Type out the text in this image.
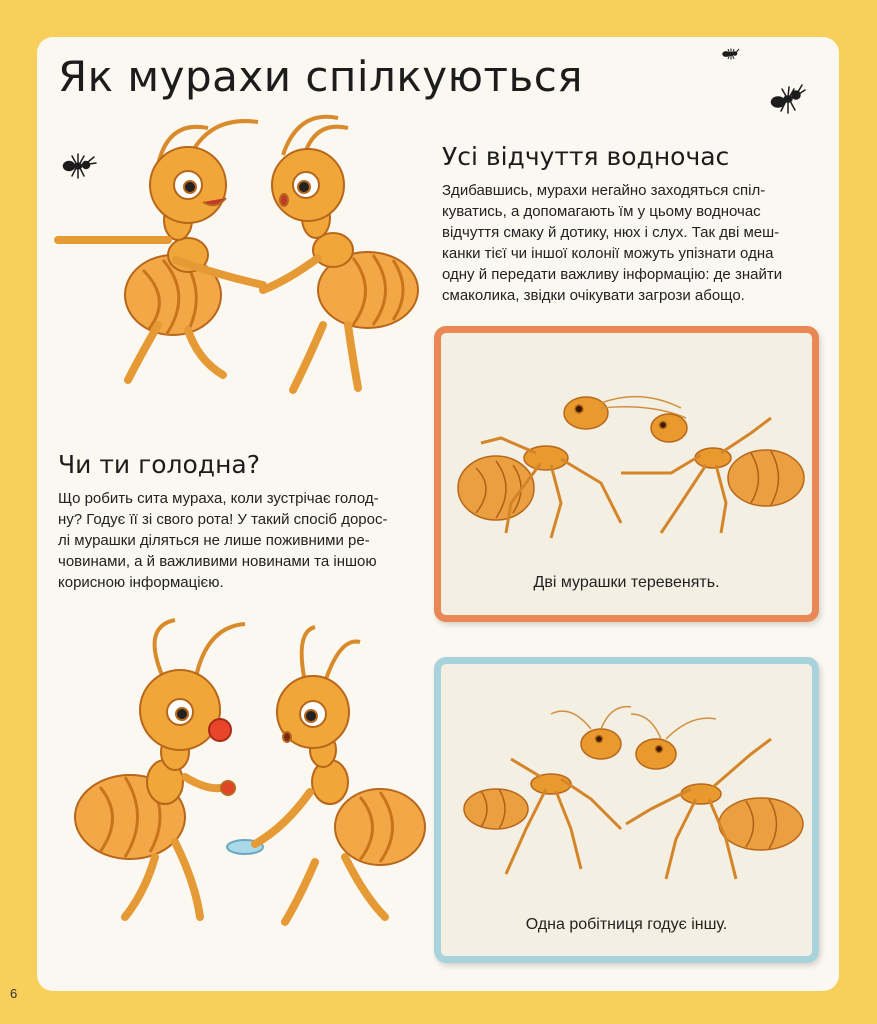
Як мурахи спілкуються
Усі відчуття водночас

Здибавшись, мурахи негайно заходяться спіл-

куватись, а допомагають їм у цьому водночас

відчуття смаку й дотику, нюх і слух. Так дві меш-

канки тієї чи іншої колонії можуть упізнати одна

одну й передати важливу інформацію: де знайти

смаколика, звідки очікувати загрози абощо.

Чи ти голодна?

Що робить сита мураха, коли зустрічає голод-

ну? Годує її зі свого рота! У такий спосіб дорос-

лі мурашки діляться не лише поживними ре-

човинами, а й важливими новинами та іншою

корисною інформацією.	Дві мурашки теревенять.
Одна робітниця годує іншу.
6
